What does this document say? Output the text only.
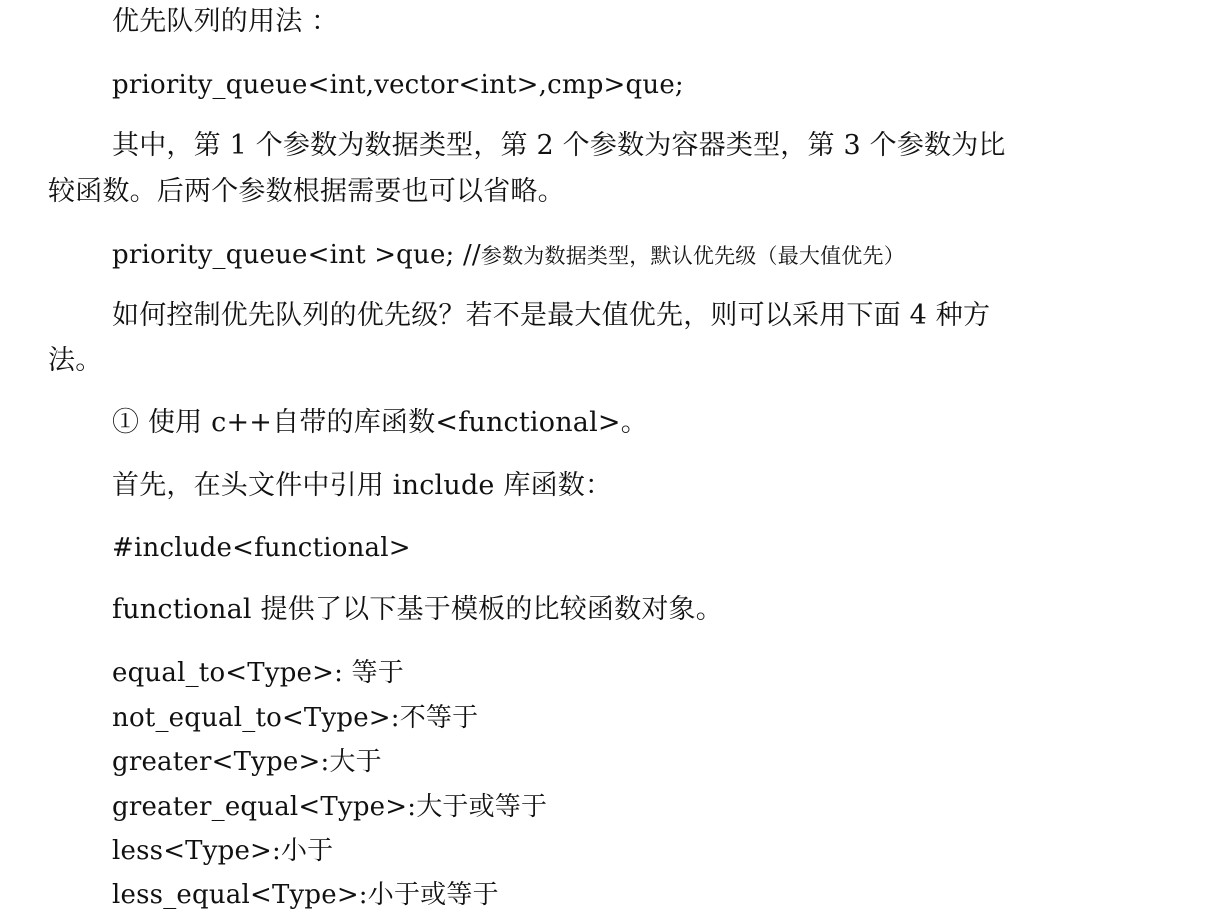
优先队列的用法 ：
priority_queue<int,vector<int>,cmp>que;
其中，第 1 个参数为数据类型，第 2 个参数为容器类型，第 3 个参数为比
较函数。后两个参数根据需要也可以省略。
priority_queue<int >que; //参数为数据类型，默认优先级（最大值优先）
如何控制优先队列的优先级？若不是最大值优先，则可以采用下面 4 种方
法。
① 使用 c++自带的库函数<functional>。
首先，在头文件中引用 include 库函数：
#include<functional>
functional 提供了以下基于模板的比较函数对象。
equal_to<Type>: 等于
not_equal_to<Type>:不等于
greater<Type>:大于
greater_equal<Type>:大于或等于
less<Type>:小于
less_equal<Type>:小于或等于
